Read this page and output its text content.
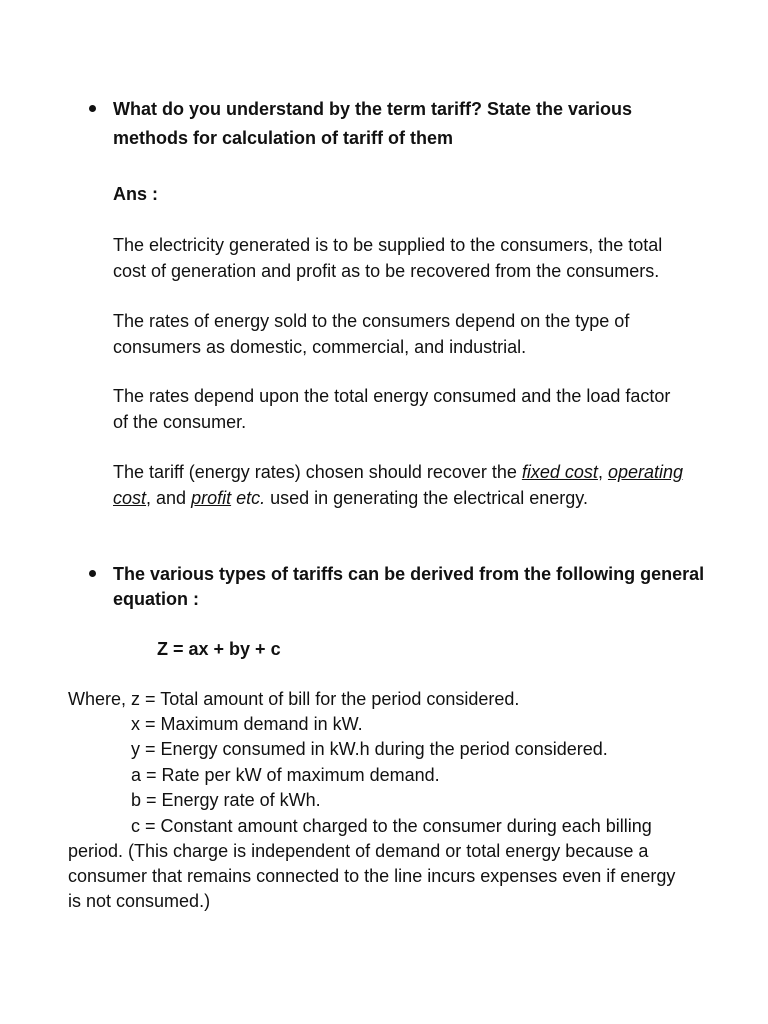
What do you understand by the term tariff? State the various
methods for calculation of tariff of them
Ans :
The electricity generated is to be supplied to the consumers, the total
cost of generation and profit as to be recovered from the consumers.
The rates of energy sold to the consumers depend on the type of
consumers as domestic, commercial, and industrial.
The rates depend upon the total energy consumed and the load factor
of the consumer.
The tariff (energy rates) chosen should recover the fixed cost, operating
cost, and profit etc. used in generating the electrical energy.
The various types of tariffs can be derived from the following general
equation :
Z = ax + by + c
Where, z = Total amount of bill for the period considered.
x = Maximum demand in kW.
y = Energy consumed in kW.h during the period considered.
a = Rate per kW of maximum demand.
b = Energy rate of kWh.
c = Constant amount charged to the consumer during each billing
period. (This charge is independent of demand or total energy because a
consumer that remains connected to the line incurs expenses even if energy
is not consumed.)
